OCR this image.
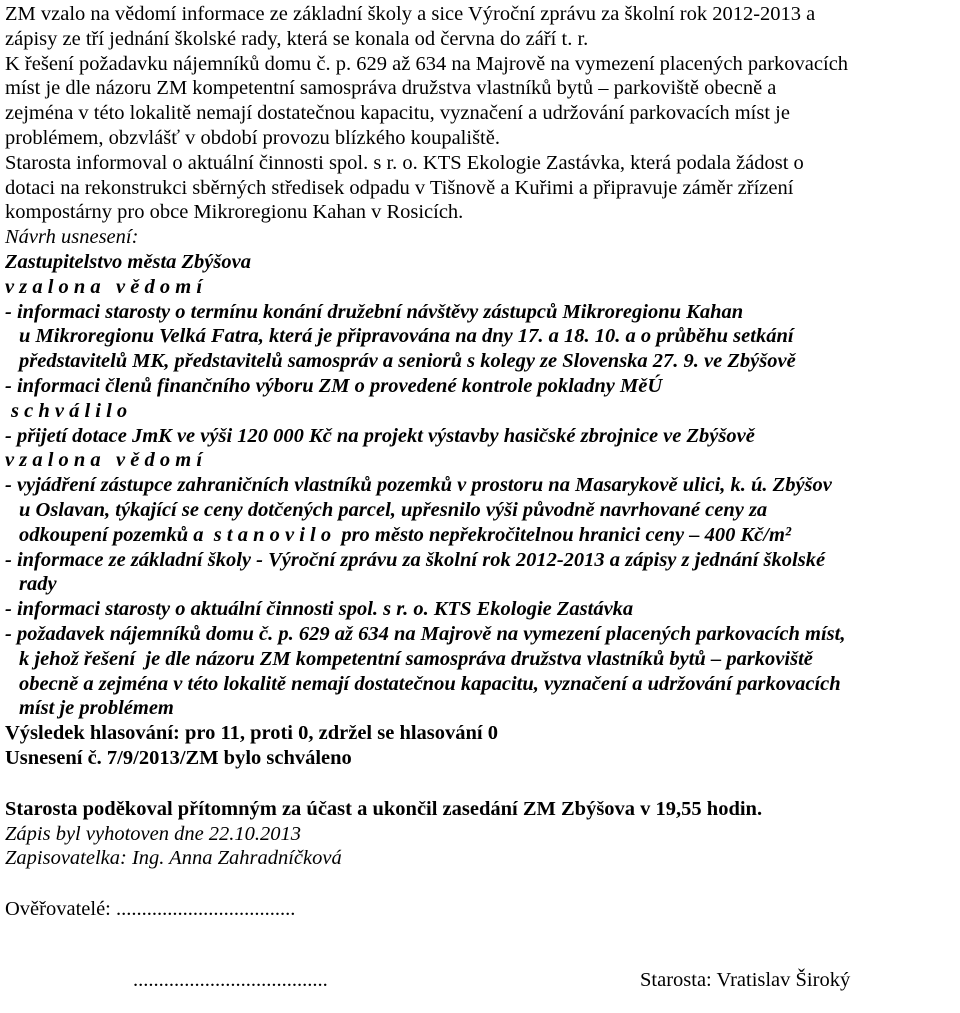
ZM vzalo na vědomí informace ze základní školy a sice Výroční zprávu za školní rok 2012-2013 a
zápisy ze tří jednání školské rady, která se konala od června do září t. r.
K řešení požadavku nájemníků domu č. p. 629 až 634 na Majrově na vymezení placených parkovacích
míst je dle názoru ZM kompetentní samospráva družstva vlastníků bytů – parkoviště obecně a
zejména v této lokalitě nemají dostatečnou kapacitu, vyznačení a udržování parkovacích míst je
problémem, obzvlášť v období provozu blízkého koupaliště.
Starosta informoval o aktuální činnosti spol. s r. o. KTS Ekologie Zastávka, která podala žádost o
dotaci na rekonstrukci sběrných středisek odpadu v Tišnově a Kuřimi a připravuje záměr zřízení
kompostárny pro obce Mikroregionu Kahan v Rosicích.
Návrh usnesení:
Zastupitelstvo města Zbýšova
v z a l o n a   v ě d o m í
- informaci starosty o termínu konání družební návštěvy zástupců Mikroregionu Kahan
u Mikroregionu Velká Fatra, která je připravována na dny 17. a 18. 10. a o průběhu setkání
představitelů MK, představitelů samospráv a seniorů s kolegy ze Slovenska 27. 9. ve Zbýšově
- informaci členů finančního výboru ZM o provedené kontrole pokladny MěÚ
s c h v á l i l o
- přijetí dotace JmK ve výši 120 000 Kč na projekt výstavby hasičské zbrojnice ve Zbýšově
v z a l o n a   v ě d o m í
- vyjádření zástupce zahraničních vlastníků pozemků v prostoru na Masarykově ulici, k. ú. Zbýšov
u Oslavan, týkající se ceny dotčených parcel, upřesnilo výši původně navrhované ceny za
odkoupení pozemků a  s t a n o v i l o  pro město nepřekročitelnou hranici ceny – 400 Kč/m²
- informace ze základní školy - Výroční zprávu za školní rok 2012-2013 a zápisy z jednání školské
rady
- informaci starosty o aktuální činnosti spol. s r. o. KTS Ekologie Zastávka
- požadavek nájemníků domu č. p. 629 až 634 na Majrově na vymezení placených parkovacích míst,
k jehož řešení  je dle názoru ZM kompetentní samospráva družstva vlastníků bytů – parkoviště
obecně a zejména v této lokalitě nemají dostatečnou kapacitu, vyznačení a udržování parkovacích
míst je problémem
Výsledek hlasování: pro 11, proti 0, zdržel se hlasování 0
Usnesení č. 7/9/2013/ZM bylo schváleno
Starosta poděkoval přítomným za účast a ukončil zasedání ZM Zbýšova v 19,55 hodin.
Zápis byl vyhotoven dne 22.10.2013
Zapisovatelka: Ing. Anna Zahradníčková
Ověřovatelé: ...................................
......................................	Starosta: Vratislav Široký
